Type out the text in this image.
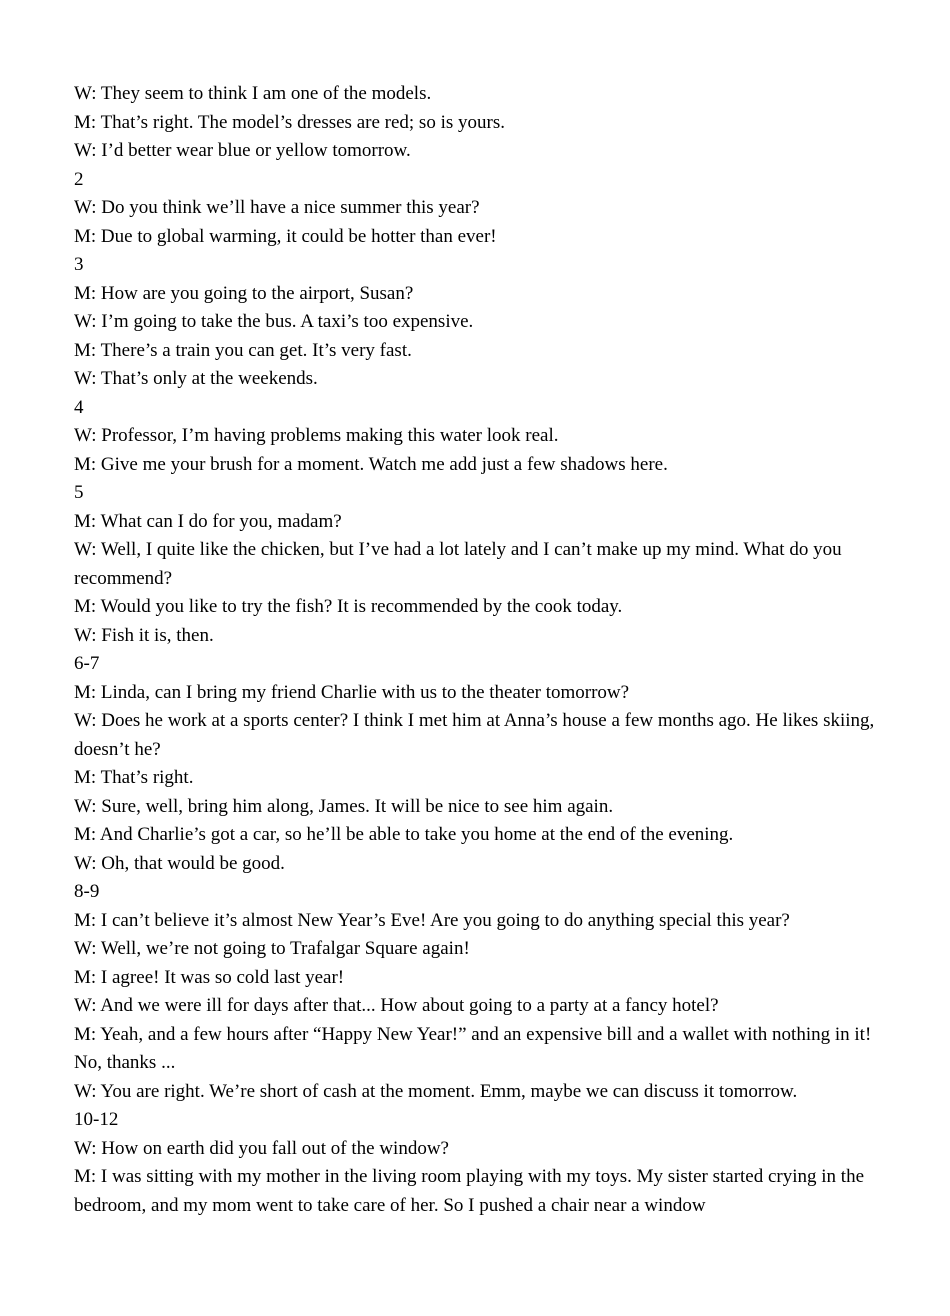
W: They seem to think I am one of the models.

M: That’s right. The model’s dresses are red; so is yours.

W: I’d better wear blue or yellow tomorrow.

2

W: Do you think we’ll have a nice summer this year?

M: Due to global warming, it could be hotter than ever!

3

M: How are you going to the airport, Susan?

W: I’m going to take the bus. A taxi’s too expensive.

M: There’s a train you can get. It’s very fast.

W: That’s only at the weekends.

4

W: Professor, I’m having problems making this water look real.

M: Give me your brush for a moment. Watch me add just a few shadows here.

5

M: What can I do for you, madam?

W: Well, I quite like the chicken, but I’ve had a lot lately and I can’t make up my mind. What do you recommend?

M: Would you like to try the fish? It is recommended by the cook today.

W: Fish it is, then.

6-7

M: Linda, can I bring my friend Charlie with us to the theater tomorrow?

W: Does he work at a sports center? I think I met him at Anna’s house a few months ago. He likes skiing, doesn’t he?

M: That’s right.

W: Sure, well, bring him along, James. It will be nice to see him again.

M: And Charlie’s got a car, so he’ll be able to take you home at the end of the evening.

W: Oh, that would be good.

8-9

M: I can’t believe it’s almost New Year’s Eve! Are you going to do anything special this year?

W: Well, we’re not going to Trafalgar Square again!

M: I agree! It was so cold last year!

W: And we were ill for days after that... How about going to a party at a fancy hotel?

M: Yeah, and a few hours after “Happy New Year!” and an expensive bill and a wallet with nothing in it! No, thanks ...

W: You are right. We’re short of cash at the moment. Emm, maybe we can discuss it tomorrow.

10-12

W: How on earth did you fall out of the window?

M: I was sitting with my mother in the living room playing with my toys. My sister started crying in the bedroom, and my mom went to take care of her. So I pushed a chair near a window
